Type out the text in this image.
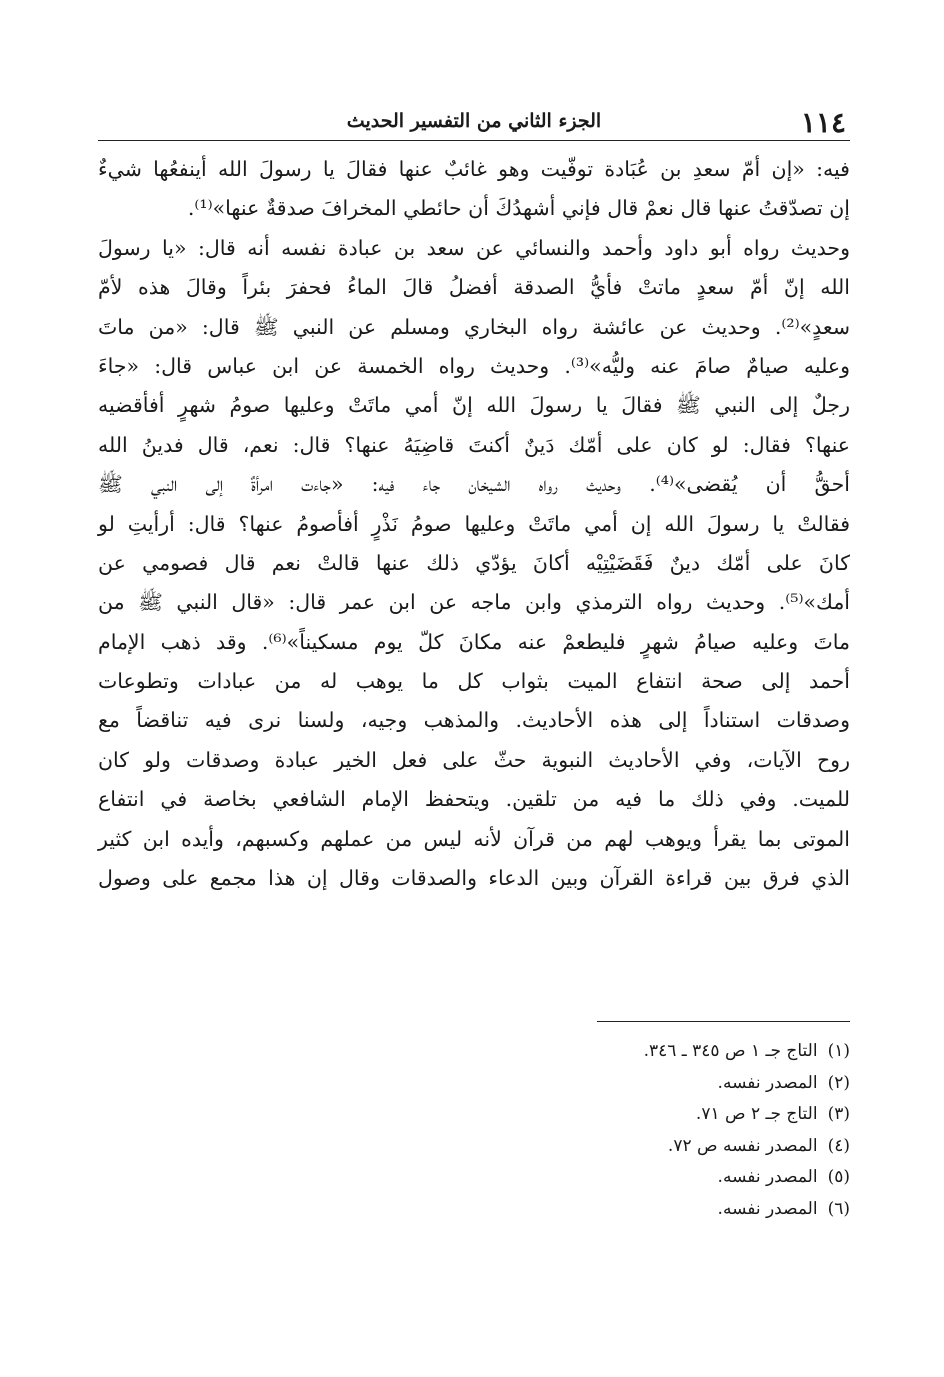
١١٤
الجزء الثاني من التفسير الحديث
فيه: «إن أمّ سعدِ بن عُبَادة توفّيت وهو غائبٌ عنها فقالَ يا رسولَ الله أينفعُها شيءٌ
إن تصدّقتُ عنها قال نعمْ قال فإني أشهدُكَ أن حائطي المخرافَ صدقةٌ عنها»⁽¹⁾.
وحديث رواه أبو داود وأحمد والنسائي عن سعد بن عبادة نفسه أنه قال: «يا رسولَ
الله إنّ أمّ سعدٍ ماتتْ فأيُّ الصدقة أفضلُ قالَ الماءُ فحفرَ بئراً وقالَ هذه لأمّ
سعدٍ»⁽²⁾. وحديث عن عائشة رواه البخاري ومسلم عن النبي ﷺ قال: «من ماتَ
وعليه صيامٌ صامَ عنه وليُّه»⁽³⁾. وحديث رواه الخمسة عن ابن عباس قال: «جاءَ
رجلٌ إلى النبي ﷺ فقالَ يا رسولَ الله إنّ أمي ماتَتْ وعليها صومُ شهرٍ أفأقضيه
عنها؟ فقال: لو كان على أمّك دَينٌ أكنتَ قاضِيَهُ عنها؟ قال: نعم، قال فدينُ الله
أحقُّ أن يُقضى»⁽⁴⁾. وحديث رواه الشيخان جاء فيه: «جاءت امرأةٌ إلى النبي ﷺ
فقالتْ يا رسولَ الله إن أمي ماتَتْ وعليها صومُ نَذْرٍ أفأصومُ عنها؟ قال: أرأيتِ لو
كانَ على أمّك دينٌ فَقَضَيْتِيْه أكانَ يؤدّي ذلك عنها قالتْ نعم قال فصومي عن
أمك»⁽⁵⁾. وحديث رواه الترمذي وابن ماجه عن ابن عمر قال: «قال النبي ﷺ من
ماتَ وعليه صيامُ شهرٍ فليطعمْ عنه مكانَ كلّ يوم مسكيناً»⁽⁶⁾. وقد ذهب الإمام
أحمد إلى صحة انتفاع الميت بثواب كل ما يوهب له من عبادات وتطوعات
وصدقات استناداً إلى هذه الأحاديث. والمذهب وجيه، ولسنا نرى فيه تناقضاً مع
روح الآيات، وفي الأحاديث النبوية حثّ على فعل الخير عبادة وصدقات ولو كان
للميت. وفي ذلك ما فيه من تلقين. ويتحفظ الإمام الشافعي بخاصة في انتفاع
الموتى بما يقرأ ويوهب لهم من قرآن لأنه ليس من عملهم وكسبهم، وأيده ابن كثير
الذي فرق بين قراءة القرآن وبين الدعاء والصدقات وقال إن هذا مجمع على وصول
(١)التاج جـ ١ ص ٣٤٥ ـ ٣٤٦.
(٢)المصدر نفسه.
(٣)التاج جـ ٢ ص ٧١.
(٤)المصدر نفسه ص ٧٢.
(٥)المصدر نفسه.
(٦)المصدر نفسه.
